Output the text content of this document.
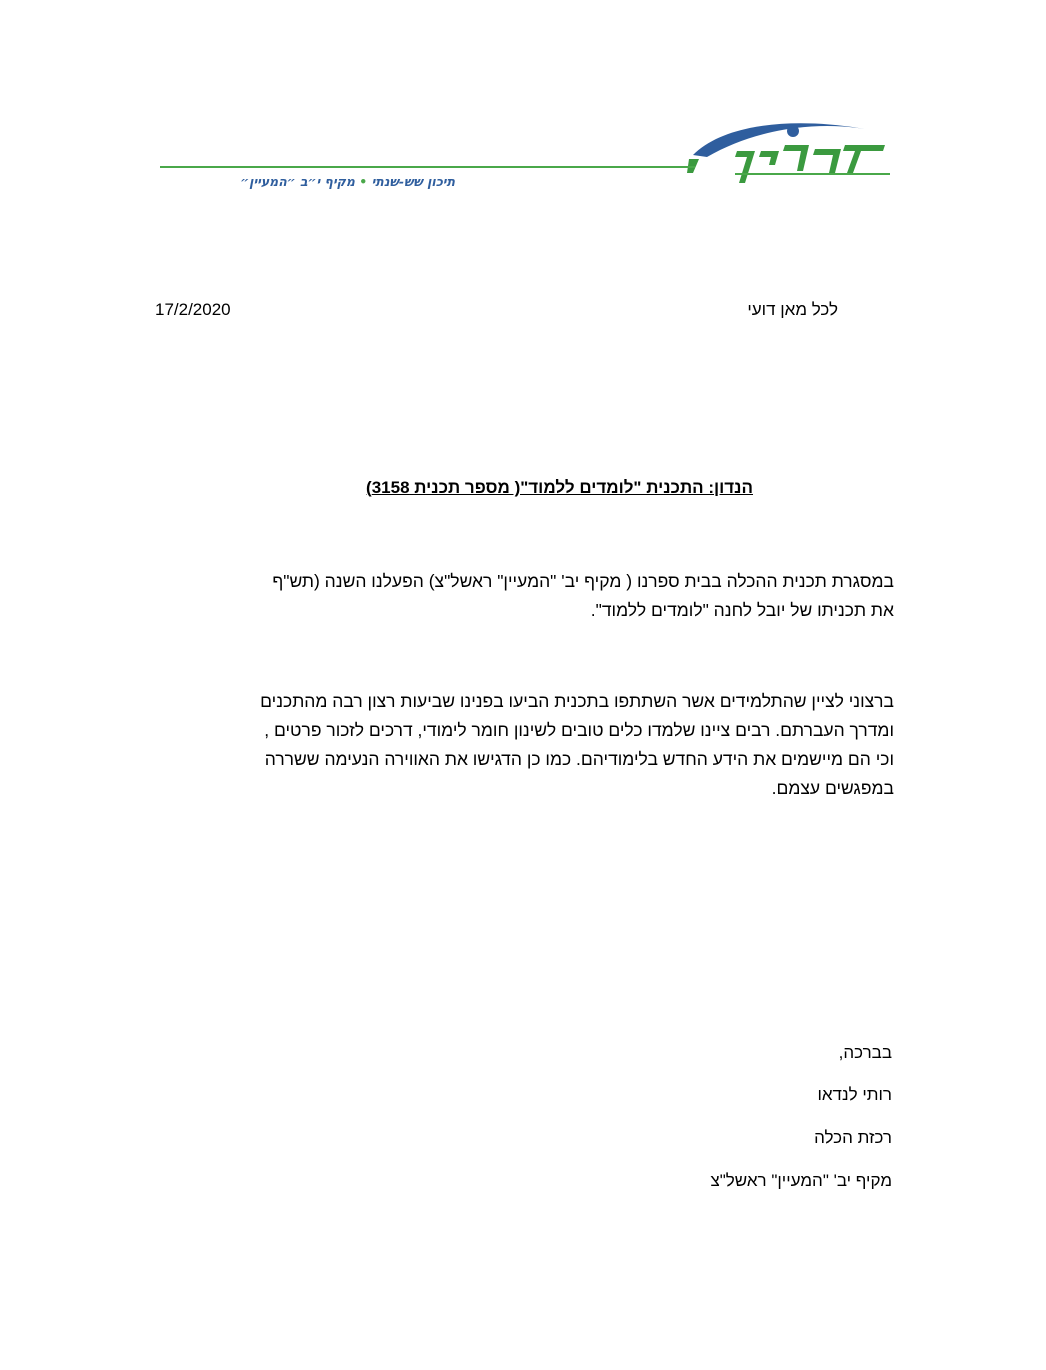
תיכון שש-שנתי • מקיף י״ב ״המעיין״
לכל מאן דועי
17/2/2020
הנדון: התכנית "לומדים ללמוד"( מספר תכנית 3158)
במסגרת תכנית ההכלה בבית ספרנו ( מקיף יב' "המעיין" ראשל"צ) הפעלנו השנה (תש"ף
את תכניתו של יובל לחנה "לומדים ללמוד".
ברצוני לציין שהתלמידים אשר השתתפו בתכנית הביעו בפנינו שביעות רצון רבה מהתכנים
ומדרך העברתם. רבים ציינו שלמדו כלים טובים לשינון חומר לימודי, דרכים לזכור פרטים ,
וכי הם מיישמים את הידע החדש בלימודיהם. כמו כן הדגישו את האווירה הנעימה ששררה
במפגשים עצמם.
בברכה,
רותי לנדאו
רכזת הכלה
מקיף יב' "המעיין" ראשל"צ
